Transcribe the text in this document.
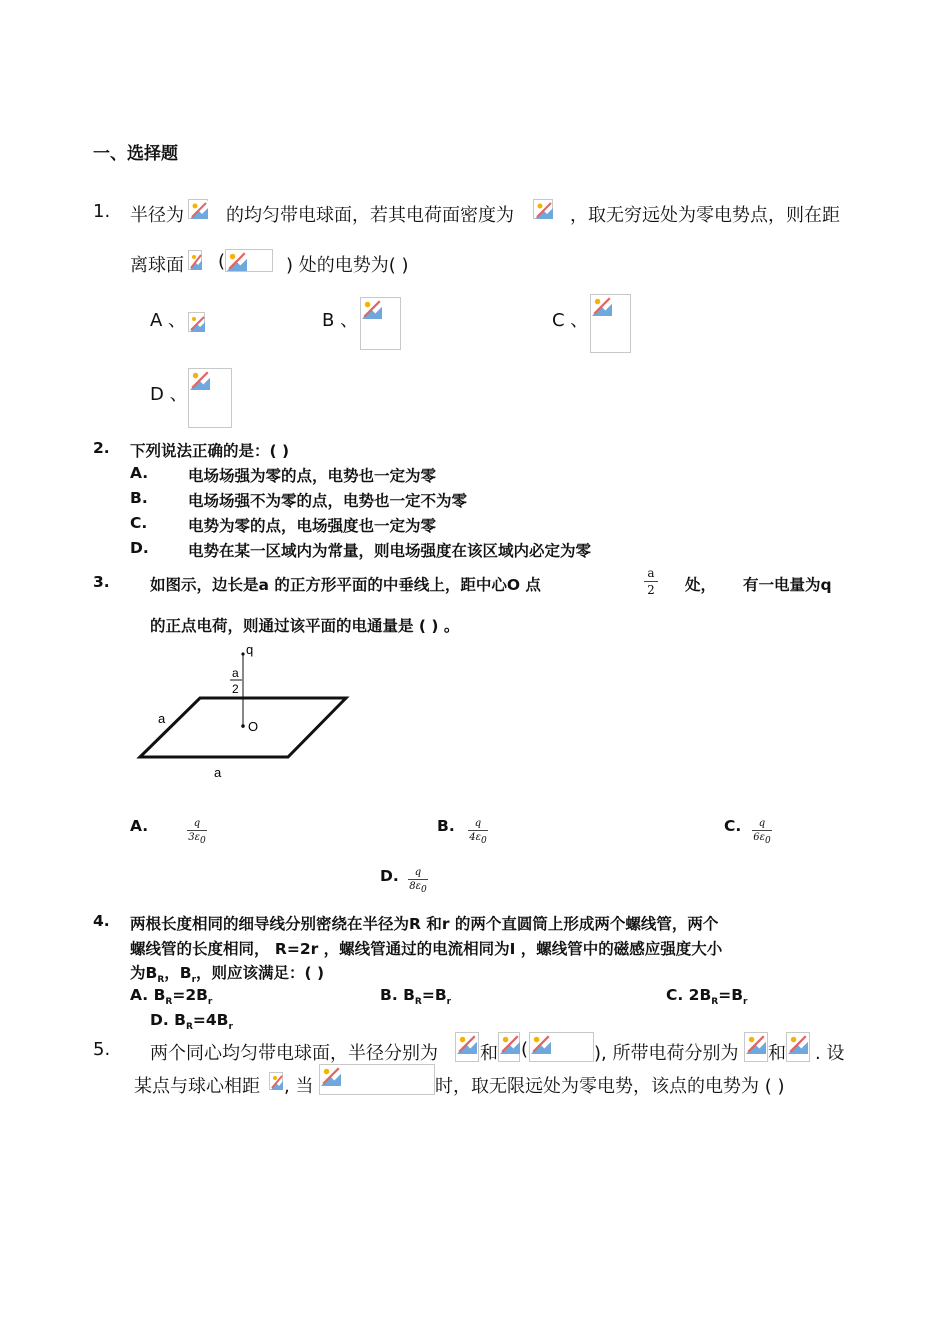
一、选择题
1. 半径为 的均匀带电球面，若其电荷面密度为	，取无穷远处为零电势点，则在距
离球面 (	) 处的电势为( )
A 、	B 、	C 、
D 、
2. 下列说法正确的是：( )
A.	电场场强为零的点，电势也一定为零
B.	电场场强不为零的点，电势也一定不为零
C.	电势为零的点，电场强度也一定为零
D.	电势在某一区域内为常量，则电场强度在该区域内必定为零
3.	如图示，边长是a 的正方形平面的中垂线上，距中心O 点
a
2 处， 有一电量为q
的正点电荷，则通过该平面的电通量是 ( ) 。
q
a
2
O
a
a
A.	q
$3\varepsilon_0$
B.	q
$4\varepsilon_0$
C.	q
$6\varepsilon_0$
D.	q
$8\varepsilon_0$
4. 两根长度相同的细导线分别密绕在半径为R 和r 的两个直圆筒上形成两个螺线管，两个
螺线管的长度相同， R=2r ，螺线管通过的电流相同为I ，螺线管中的磁感应强度大小
为$B_R$，$B_r$，则应该满足：( )
A. $B_R=2B_r$	B. $B_R=B_r$	C. $2B_R=B_r$
D. $B_R=4B_r$
5. 两个同心均匀带电球面，半径分别为 和 (	), 所带电荷分别为 和 . 设
某点与球心相距 , 当	时，取无限远处为零电势，该点的电势为 ( )
